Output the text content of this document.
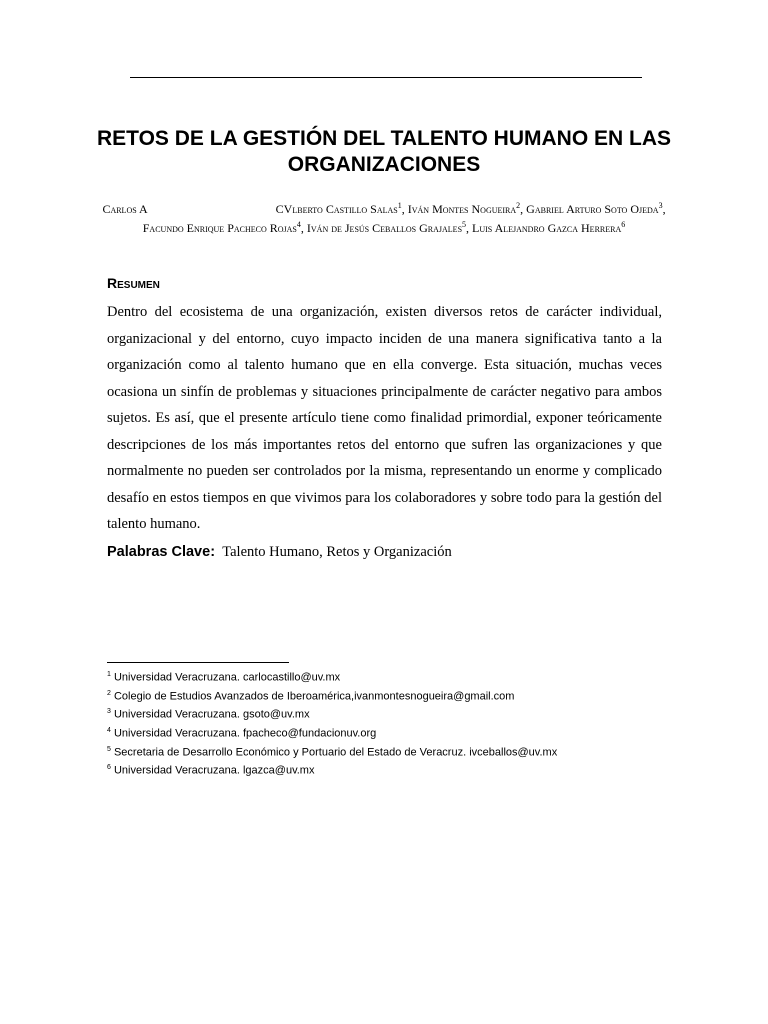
RETOS DE LA GESTIÓN DEL TALENTO HUMANO EN LAS ORGANIZACIONES
Carlos A	CVlberto Castillo Salas$^1$, Iván Montes Nogueira$^2$, Gabriel Arturo Soto Ojeda$^3$, Facundo Enrique Pacheco Rojas$^4$, Iván de Jesús Ceballos Grajales$^5$, Luis Alejandro Gazca Herrera$^6$
Resumen

Dentro del ecosistema de una organización, existen diversos retos de carácter individual, organizacional y del entorno, cuyo impacto inciden de una manera significativa tanto a la organización como al talento humano que en ella converge. Esta situación, muchas veces ocasiona un sinfín de problemas y situaciones principalmente de carácter negativo para ambos sujetos. Es así, que el presente artículo tiene como finalidad primordial, exponer teóricamente descripciones de los más importantes retos del entorno que sufren las organizaciones y que normalmente no pueden ser controlados por la misma, representando un enorme y complicado desafío en estos tiempos en que vivimos para los colaboradores y sobre todo para la gestión del talento humano.

Palabras Clave: Talento Humano, Retos y Organización
$^1$ Universidad Veracruzana. carlocastillo@uv.mx
$^2$ Colegio de Estudios Avanzados de Iberoamérica,ivanmontesnogueira@gmail.com
$^3$ Universidad Veracruzana. gsoto@uv.mx
$^4$ Universidad Veracruzana. fpacheco@fundacionuv.org
$^5$ Secretaria de Desarrollo Económico y Portuario del Estado de Veracruz. ivceballos@uv.mx
$^6$ Universidad Veracruzana. lgazca@uv.mx
